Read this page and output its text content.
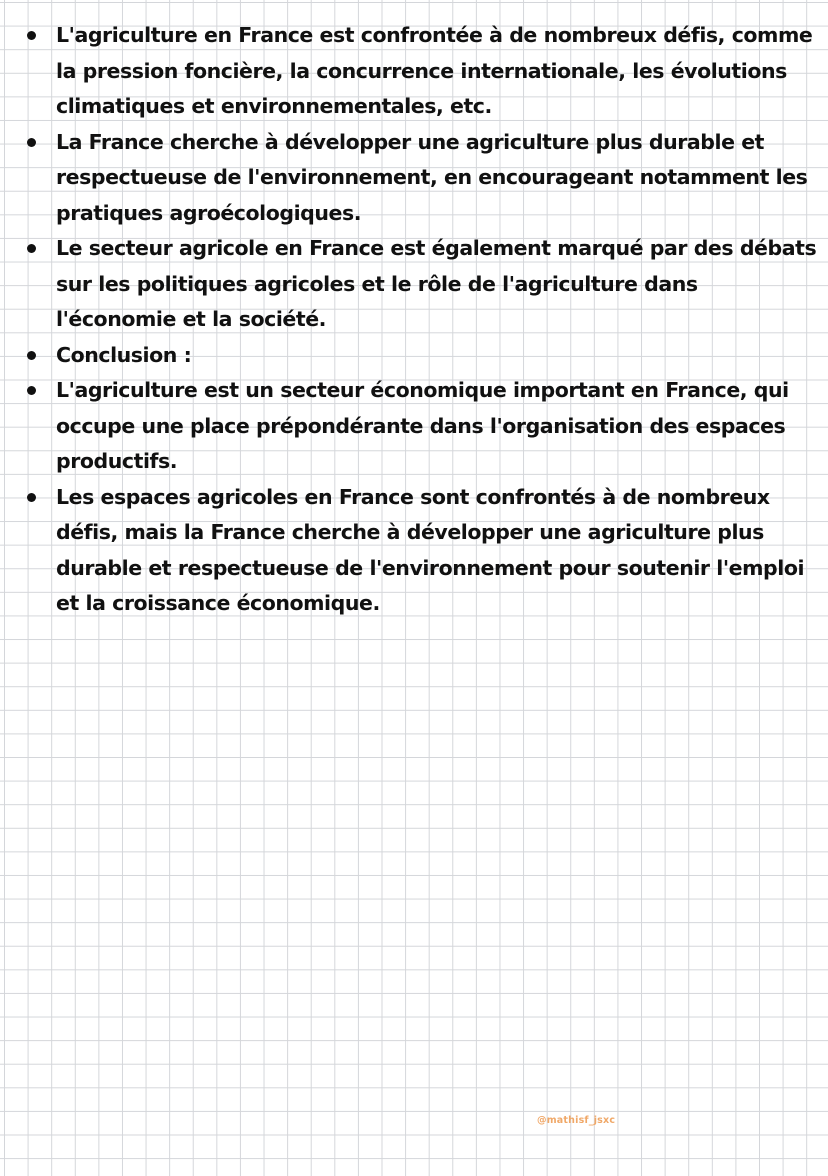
L'agriculture en France est confrontée à de nombreux défis, comme la pression foncière, la concurrence internationale, les évolutions climatiques et environnementales, etc.
La France cherche à développer une agriculture plus durable et respectueuse de l'environnement, en encourageant notamment les pratiques agroécologiques.
Le secteur agricole en France est également marqué par des débats sur les politiques agricoles et le rôle de l'agriculture dans l'économie et la société.
Conclusion :
L'agriculture est un secteur économique important en France, qui occupe une place prépondérante dans l'organisation des espaces productifs.
Les espaces agricoles en France sont confrontés à de nombreux défis, mais la France cherche à développer une agriculture plus durable et respectueuse de l'environnement pour soutenir l'emploi et la croissance économique.
@mathisf_jsxc
